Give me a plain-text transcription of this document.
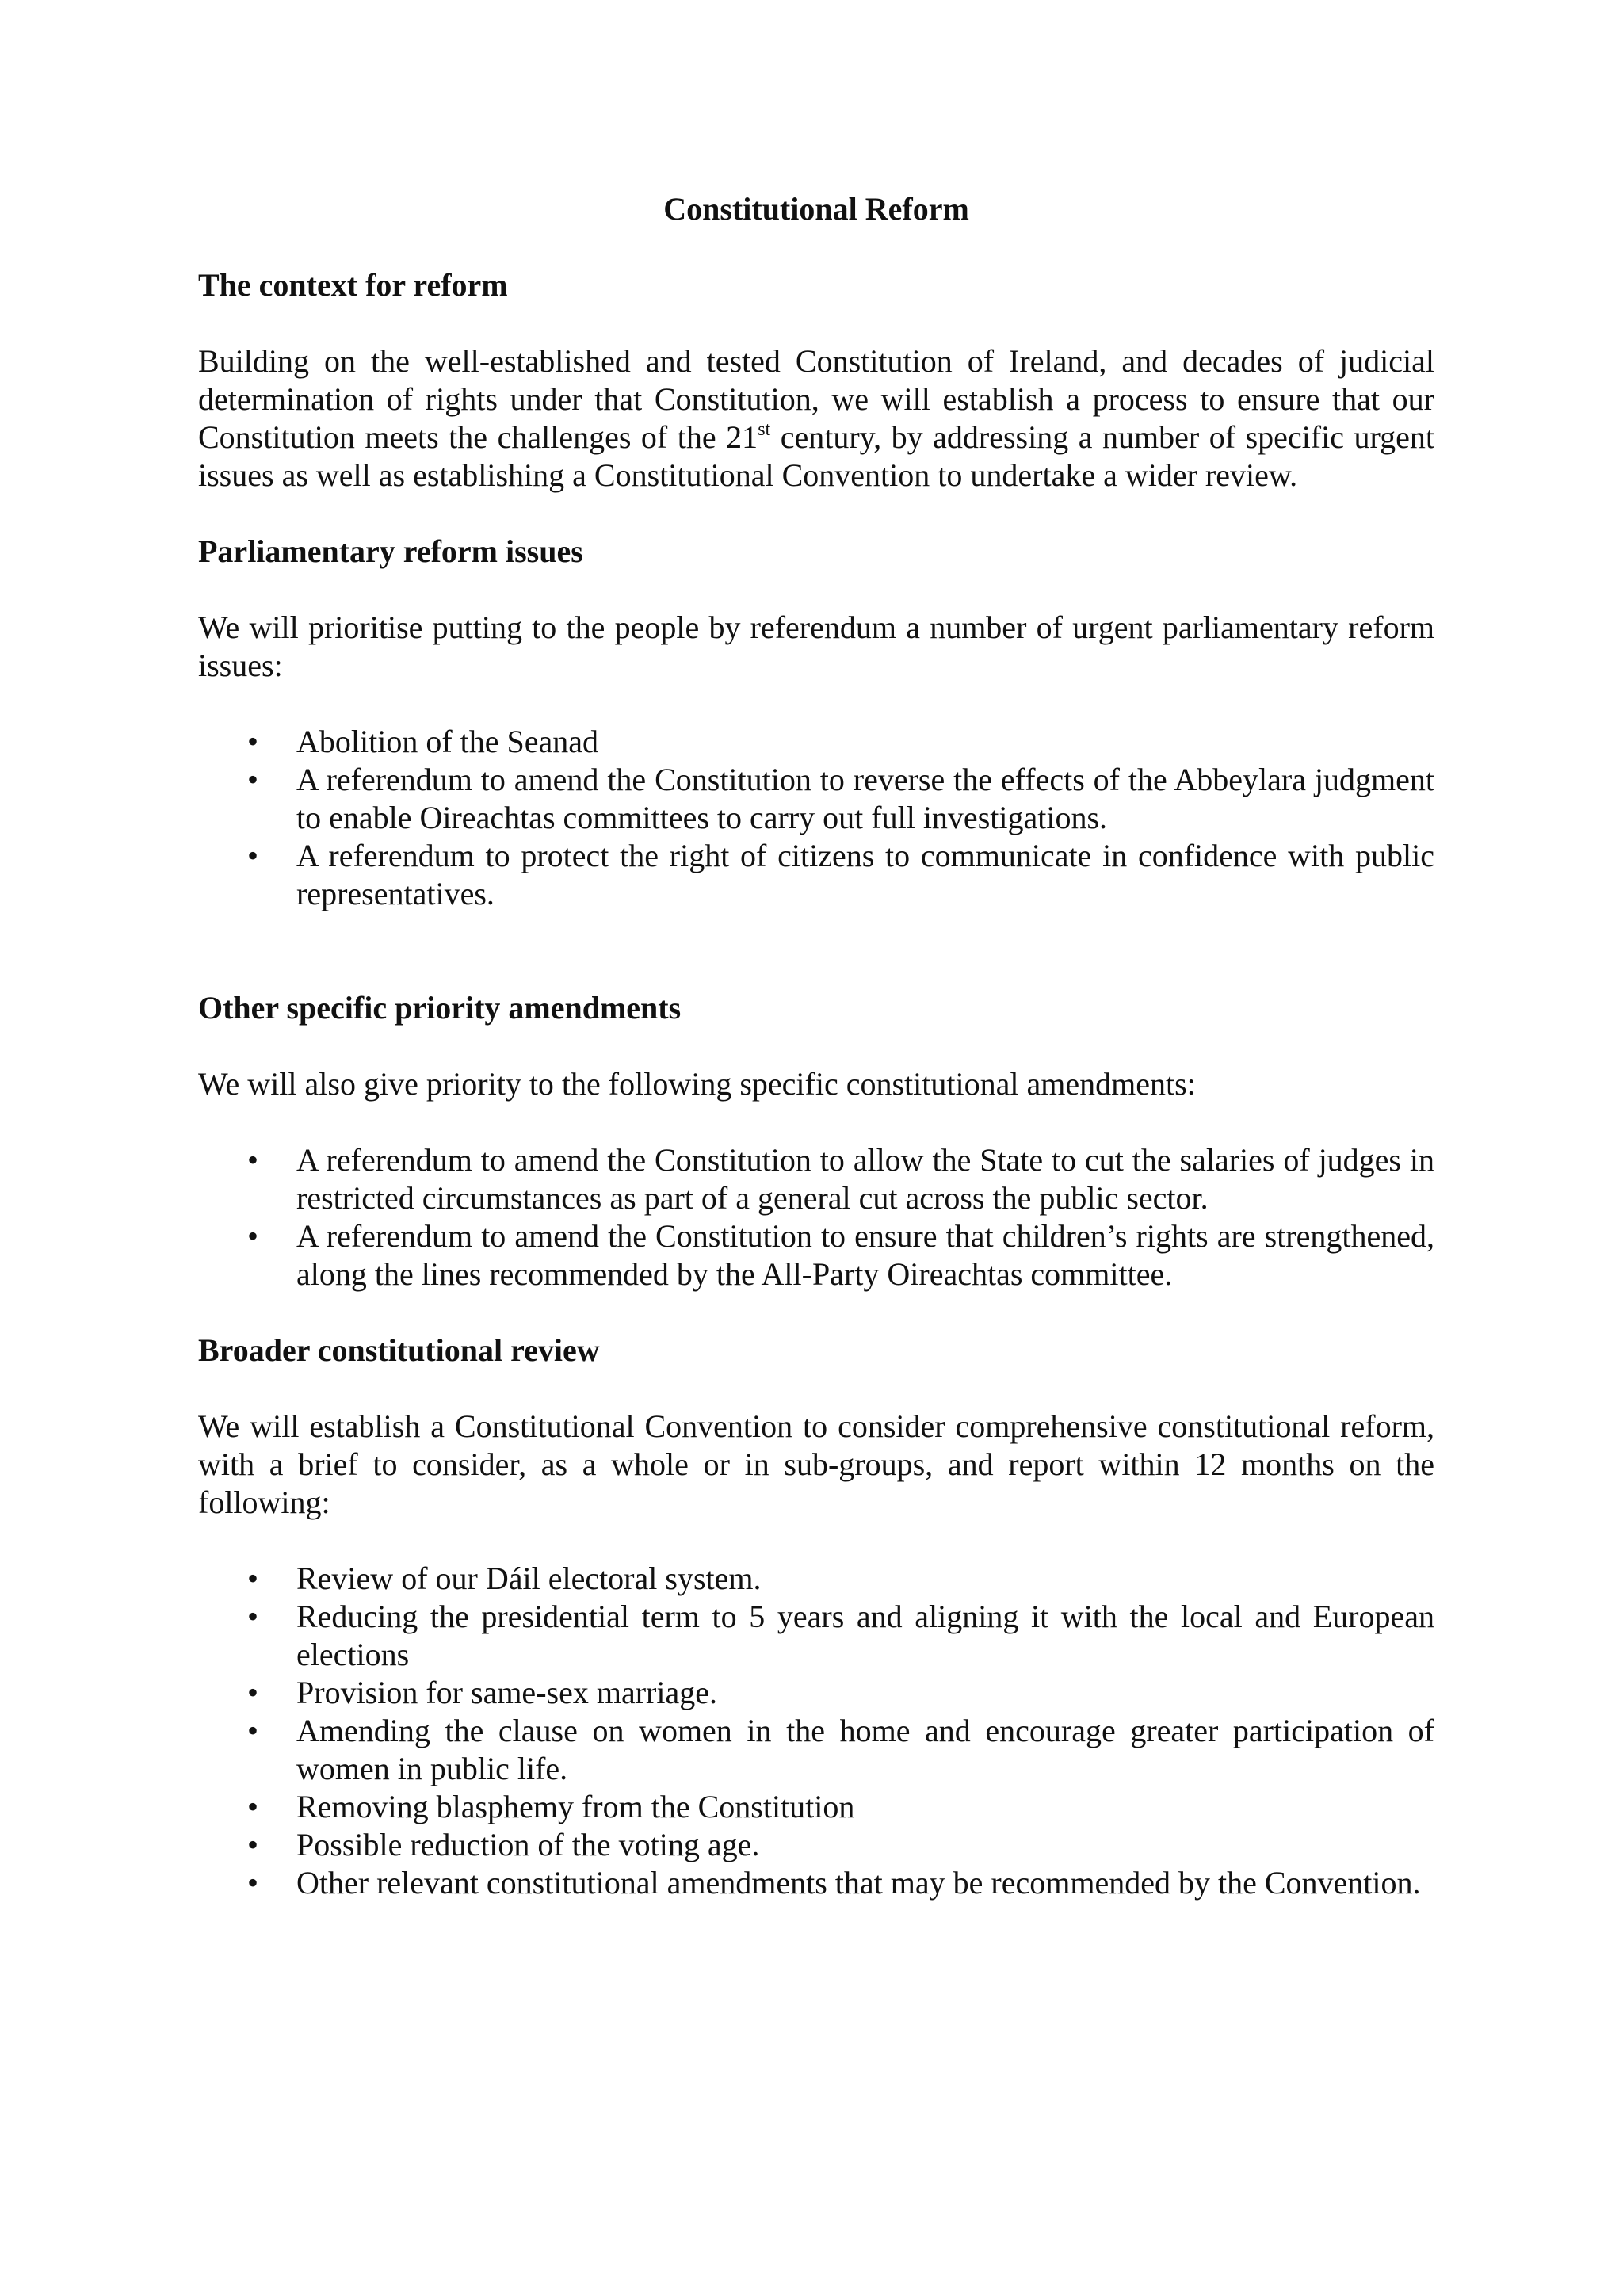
Constitutional Reform
The context for reform
Building on the well-established and tested Constitution of Ireland, and decades of judicial determination of rights under that Constitution, we will establish a process to ensure that our Constitution meets the challenges of the 21st century, by addressing a number of specific urgent issues as well as establishing a Constitutional Convention to undertake a wider review.
Parliamentary reform issues
We will prioritise putting to the people by referendum a number of urgent parliamentary reform issues:
• Abolition of the Seanad
• A referendum to amend the Constitution to reverse the effects of the Abbeylara judgment to enable Oireachtas committees to carry out full investigations.
• A referendum to protect the right of citizens to communicate in confidence with public representatives.
Other specific priority amendments
We will also give priority to the following specific constitutional amendments:
• A referendum to amend the Constitution to allow the State to cut the salaries of judges in restricted circumstances as part of a general cut across the public sector.
• A referendum to amend the Constitution to ensure that children’s rights are strengthened, along the lines recommended by the All-Party Oireachtas committee.
Broader constitutional review
We will establish a Constitutional Convention to consider comprehensive constitutional reform, with a brief to consider, as a whole or in sub-groups, and report within 12 months on the following:
• Review of our Dáil electoral system.
• Reducing the presidential term to 5 years and aligning it with the local and European elections
• Provision for same-sex marriage.
• Amending the clause on women in the home and encourage greater participation of women in public life.
• Removing blasphemy from the Constitution
• Possible reduction of the voting age.
• Other relevant constitutional amendments that may be recommended by the Convention.
